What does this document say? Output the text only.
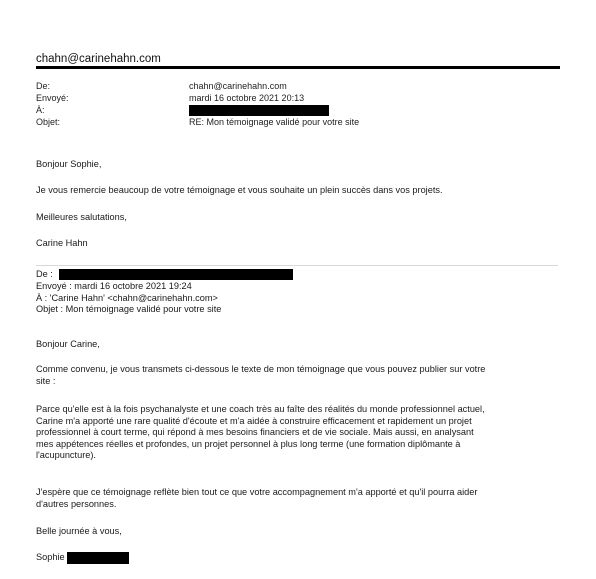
chahn@carinehahn.com
De:	chahn@carinehahn.com
Envoyé:	mardi 16 octobre 2021 20:13
À:
Objet:	RE: Mon témoignage validé pour votre site
Bonjour Sophie,
Je vous remercie beaucoup de votre témoignage et vous souhaite un plein succès dans vos projets.
Meilleures salutations,
Carine Hahn
De :
Envoyé : mardi 16 octobre 2021 19:24
À : 'Carine Hahn' <chahn@carinehahn.com>
Objet : Mon témoignage validé pour votre site
Bonjour Carine,
Comme convenu, je vous transmets ci-dessous le texte de mon témoignage que vous pouvez publier sur votre
site :
Parce qu'elle est à la fois psychanalyste et une coach très au faîte des réalités du monde professionnel actuel,
Carine m'a apporté une rare qualité d'écoute et m'a aidée à construire efficacement et rapidement un projet
professionnel à court terme, qui répond à mes besoins financiers et de vie sociale. Mais aussi, en analysant
mes appétences réelles et profondes, un projet personnel à plus long terme (une formation diplômante à
l'acupuncture).
J'espère que ce témoignage reflète bien tout ce que votre accompagnement m'a apporté et qu'il pourra aider
d'autres personnes.
Belle journée à vous,
Sophie
